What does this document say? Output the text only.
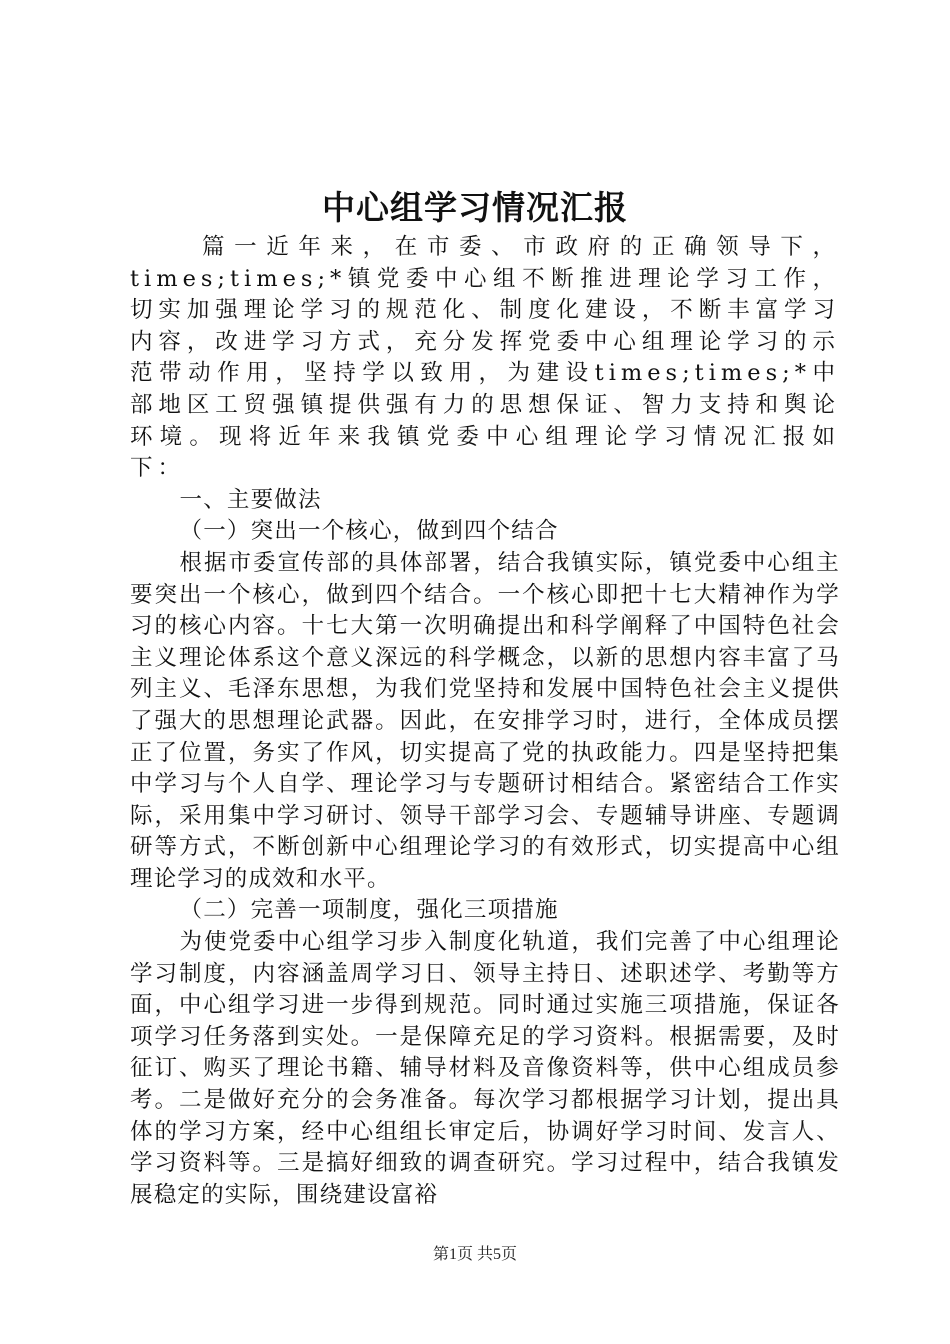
中心组学习情况汇报

篇一近年来，在市委、市政府的正确领导下，times;times;*镇党委中心组不断推进理论学习工作，切实加强理论学习的规范化、制度化建设，不断丰富学习内容，改进学习方式，充分发挥党委中心组理论学习的示范带动作用，坚持学以致用，为建设times;times;*中部地区工贸强镇提供强有力的思想保证、智力支持和舆论环境。现将近年来我镇党委中心组理论学习情况汇报如下：

一、主要做法

（一）突出一个核心，做到四个结合

根据市委宣传部的具体部署，结合我镇实际，镇党委中心组主要突出一个核心，做到四个结合。一个核心即把十七大精神作为学习的核心内容。十七大第一次明确提出和科学阐释了中国特色社会主义理论体系这个意义深远的科学概念，以新的思想内容丰富了马列主义、毛泽东思想，为我们党坚持和发展中国特色社会主义提供了强大的思想理论武器。因此，在安排学习时，进行，全体成员摆正了位置，务实了作风，切实提高了党的执政能力。四是坚持把集中学习与个人自学、理论学习与专题研讨相结合。紧密结合工作实际，采用集中学习研讨、领导干部学习会、专题辅导讲座、专题调研等方式，不断创新中心组理论学习的有效形式，切实提高中心组理论学习的成效和水平。

（二）完善一项制度，强化三项措施

为使党委中心组学习步入制度化轨道，我们完善了中心组理论学习制度，内容涵盖周学习日、领导主持日、述职述学、考勤等方面，中心组学习进一步得到规范。同时通过实施三项措施，保证各项学习任务落到实处。一是保障充足的学习资料。根据需要，及时征订、购买了理论书籍、辅导材料及音像资料等，供中心组成员参考。二是做好充分的会务准备。每次学习都根据学习计划，提出具体的学习方案，经中心组组长审定后，协调好学习时间、发言人、学习资料等。三是搞好细致的调查研究。学习过程中，结合我镇发展稳定的实际，围绕建设富裕

第1页 共5页
